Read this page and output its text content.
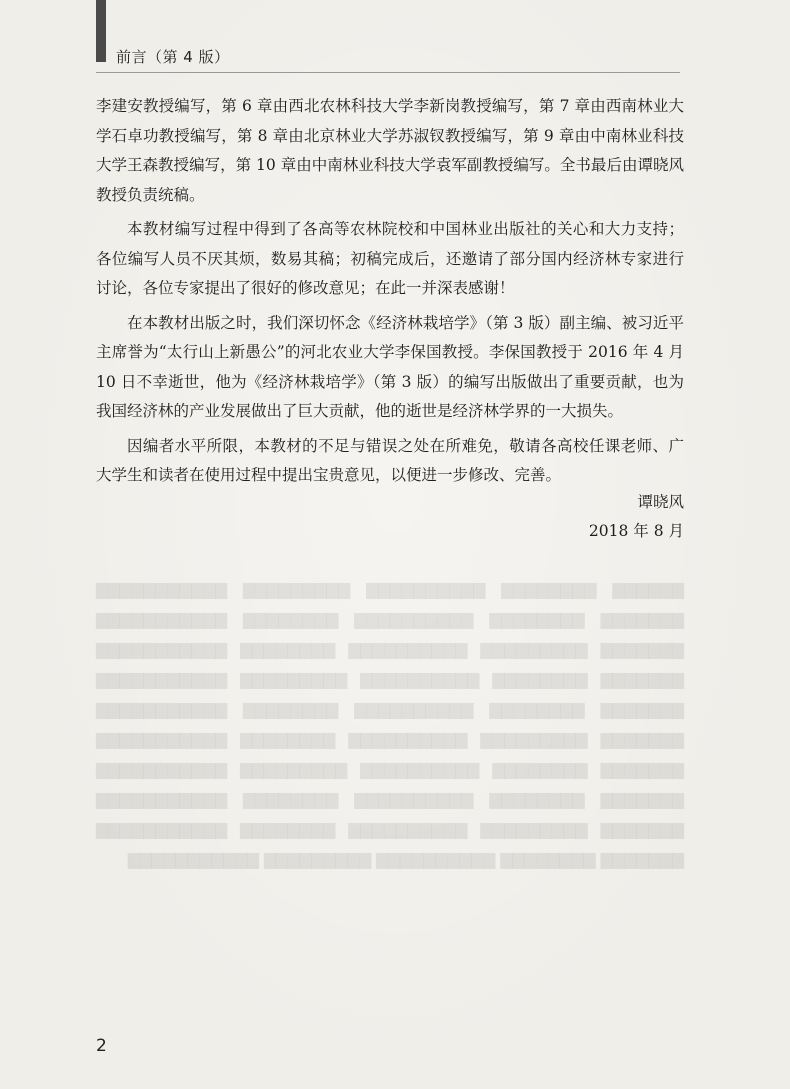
前言（第 4 版）

李建安教授编写，第 6 章由西北农林科技大学李新岗教授编写，第 7 章由西南林业大学石卓功教授编写，第 8 章由北京林业大学苏淑钗教授编写，第 9 章由中南林业科技大学王森教授编写，第 10 章由中南林业科技大学袁军副教授编写。全书最后由谭晓风教授负责统稿。

本教材编写过程中得到了各高等农林院校和中国林业出版社的关心和大力支持；各位编写人员不厌其烦，数易其稿；初稿完成后，还邀请了部分国内经济林专家进行讨论，各位专家提出了很好的修改意见；在此一并深表感谢！

在本教材出版之时，我们深切怀念《经济林栽培学》（第 3 版）副主编、被习近平主席誉为“太行山上新愚公”的河北农业大学李保国教授。李保国教授于 2016 年 4 月 10 日不幸逝世，他为《经济林栽培学》（第 3 版）的编写出版做出了重要贡献，也为我国经济林的产业发展做出了巨大贡献，他的逝世是经济林学界的一大损失。

因编者水平所限，本教材的不足与错误之处在所难免，敬请各高校任课老师、广大学生和读者在使用过程中提出宝贵意见，以便进一步修改、完善。

谭晓风
2018 年 8 月
▇▇▇▇▇▇ ▇▇▇▇▇▇▇▇ ▇▇▇▇▇▇▇▇▇▇ ▇▇▇▇▇▇▇▇▇ ▇▇▇▇▇▇▇▇▇▇▇ ▇▇▇▇▇▇▇ ▇▇▇▇▇▇▇▇ ▇▇▇▇▇▇▇▇▇▇ ▇▇▇▇▇▇▇▇ ▇▇▇▇▇▇▇▇▇▇▇ ▇▇▇▇▇▇▇ ▇▇▇▇▇▇▇▇▇ ▇▇▇▇▇▇▇▇▇▇ ▇▇▇▇▇▇▇▇ ▇▇▇▇▇▇▇▇▇▇▇ ▇▇▇▇▇▇▇ ▇▇▇▇▇▇▇▇ ▇▇▇▇▇▇▇▇▇▇ ▇▇▇▇▇▇▇▇▇ ▇▇▇▇▇▇▇▇▇▇▇ ▇▇▇▇▇▇▇ ▇▇▇▇▇▇▇▇ ▇▇▇▇▇▇▇▇▇▇ ▇▇▇▇▇▇▇▇ ▇▇▇▇▇▇▇▇▇▇▇ ▇▇▇▇▇▇▇ ▇▇▇▇▇▇▇▇▇ ▇▇▇▇▇▇▇▇▇▇ ▇▇▇▇▇▇▇▇ ▇▇▇▇▇▇▇▇▇▇▇ ▇▇▇▇▇▇▇ ▇▇▇▇▇▇▇▇ ▇▇▇▇▇▇▇▇▇▇ ▇▇▇▇▇▇▇▇▇ ▇▇▇▇▇▇▇▇▇▇▇ ▇▇▇▇▇▇▇ ▇▇▇▇▇▇▇▇ ▇▇▇▇▇▇▇▇▇▇ ▇▇▇▇▇▇▇▇ ▇▇▇▇▇▇▇▇▇▇▇ ▇▇▇▇▇▇▇ ▇▇▇▇▇▇▇▇▇ ▇▇▇▇▇▇▇▇▇▇ ▇▇▇▇▇▇▇▇ ▇▇▇▇▇▇▇▇▇▇▇ ▇▇▇▇▇▇▇ ▇▇▇▇▇▇▇▇ ▇▇▇▇▇▇▇▇▇▇ ▇▇▇▇▇▇▇▇▇ ▇▇▇▇▇▇▇▇▇▇▇
2
